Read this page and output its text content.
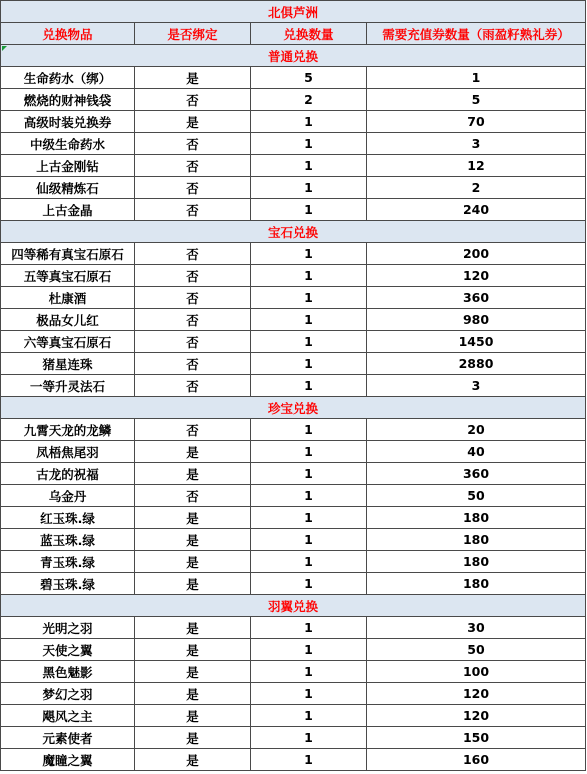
北俱芦洲			
兑换物品	是否绑定	兑换数量	需要充值券数量（雨盈籽熟礼券）

普通兑换			
生命药水（绑）	是	5	1
燃烧的财神钱袋	否	2	5
高级时装兑换券	是	1	70
中级生命药水	否	1	3
上古金刚钻	否	1	12
仙级精炼石	否	1	2
上古金晶	否	1	240
宝石兑换			
四等稀有真宝石原石	否	1	200
五等真宝石原石	否	1	120
杜康酒	否	1	360
极品女儿红	否	1	980
六等真宝石原石	否	1	1450
猪星连珠	否	1	2880
一等升灵法石	否	1	3
珍宝兑换			
九霄天龙的龙鳞	否	1	20
凤梧焦尾羽	是	1	40
古龙的祝福	是	1	360
乌金丹	否	1	50
红玉珠.绿	是	1	180
蓝玉珠.绿	是	1	180
青玉珠.绿	是	1	180
碧玉珠.绿	是	1	180
羽翼兑换			
光明之羽	是	1	30
天使之翼	是	1	50
黑色魅影	是	1	100
梦幻之羽	是	1	120
飓风之主	是	1	120
元素使者	是	1	150
魔瞳之翼	是	1	160
